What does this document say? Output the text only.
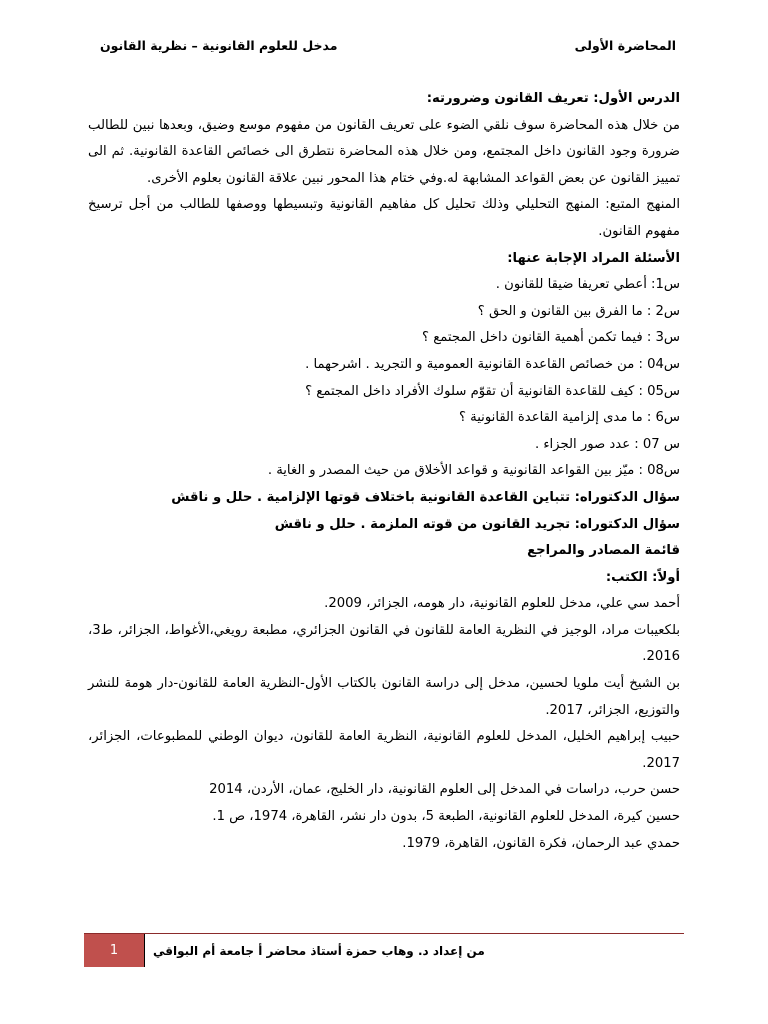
المحاضرة الأولى
مدخل للعلوم القانونية – نظرية القانون

الدرس الأول: تعريف القانون وضرورته:

من خلال هذه المحاضرة سوف نلقي الضوء على تعريف القانون من مفهوم موسع وضيق، وبعدها نبين للطالب ضرورة وجود القانون داخل المجتمع، ومن خلال هذه المحاضرة نتطرق الى خصائص القاعدة القانونية. ثم الى تمييز القانون عن بعض القواعد المشابهة له.وفي ختام هذا المحور نبين علاقة القانون بعلوم الأخرى.

المنهج المتبع: المنهج التحليلي وذلك تحليل كل مفاهيم القانونية وتبسيطها ووصفها للطالب من أجل ترسيخ مفهوم القانون.

الأسئلة المراد الإجابة عنها:

س1: أعطي تعريفا ضيقا للقانون .

س2 : ما الفرق بين القانون و الحق ؟

س3 : فيما تكمن أهمية القانون داخل المجتمع ؟

س04 : من خصائص القاعدة القانونية العمومية و التجريد . اشرحهما .

س05 : كيف للقاعدة القانونية أن تقوّم سلوك الأفراد داخل المجتمع ؟

س6 : ما مدى إلزامية القاعدة القانونية ؟

س 07 : عدد صور الجزاء .

س08 : ميّز بين القواعد القانونية و قواعد الأخلاق من حيث المصدر و الغاية .

سؤال الدكتوراه: تتباين القاعدة القانونية باختلاف قوتها الإلزامية . حلل و ناقش

سؤال الدكتوراه: تجريد القانون من قوته الملزمة . حلل و ناقش

قائمة المصادر والمراجع

أولاً: الكتب:

أحمد سي علي، مدخل للعلوم القانونية، دار هومه، الجزائر، 2009.

بلكعيبات مراد، الوجيز في النظرية العامة للقانون في القانون الجزائري، مطبعة رويغي،الأغواط، الجزائر، ط3، 2016.

بن الشيخ أيت ملويا لحسين، مدخل إلى دراسة القانون بالكتاب الأول-النظرية العامة للقانون-دار هومة للنشر والتوزيع، الجزائر، 2017.

حبيب إبراهيم الخليل، المدخل للعلوم القانونية، النظرية العامة للقانون، ديوان الوطني للمطبوعات، الجزائر، 2017.

حسن حرب، دراسات في المدخل إلى العلوم القانونية، دار الخليج، عمان، الأردن، 2014

حسين كيرة، المدخل للعلوم القانونية، الطبعة 5، بدون دار نشر، القاهرة، 1974، ص 1.

حمدي عبد الرحمان، فكرة القانون، القاهرة، 1979.

1	من إعداد د. وهاب حمزة أستاذ محاضر أ جامعة أم البواقي
